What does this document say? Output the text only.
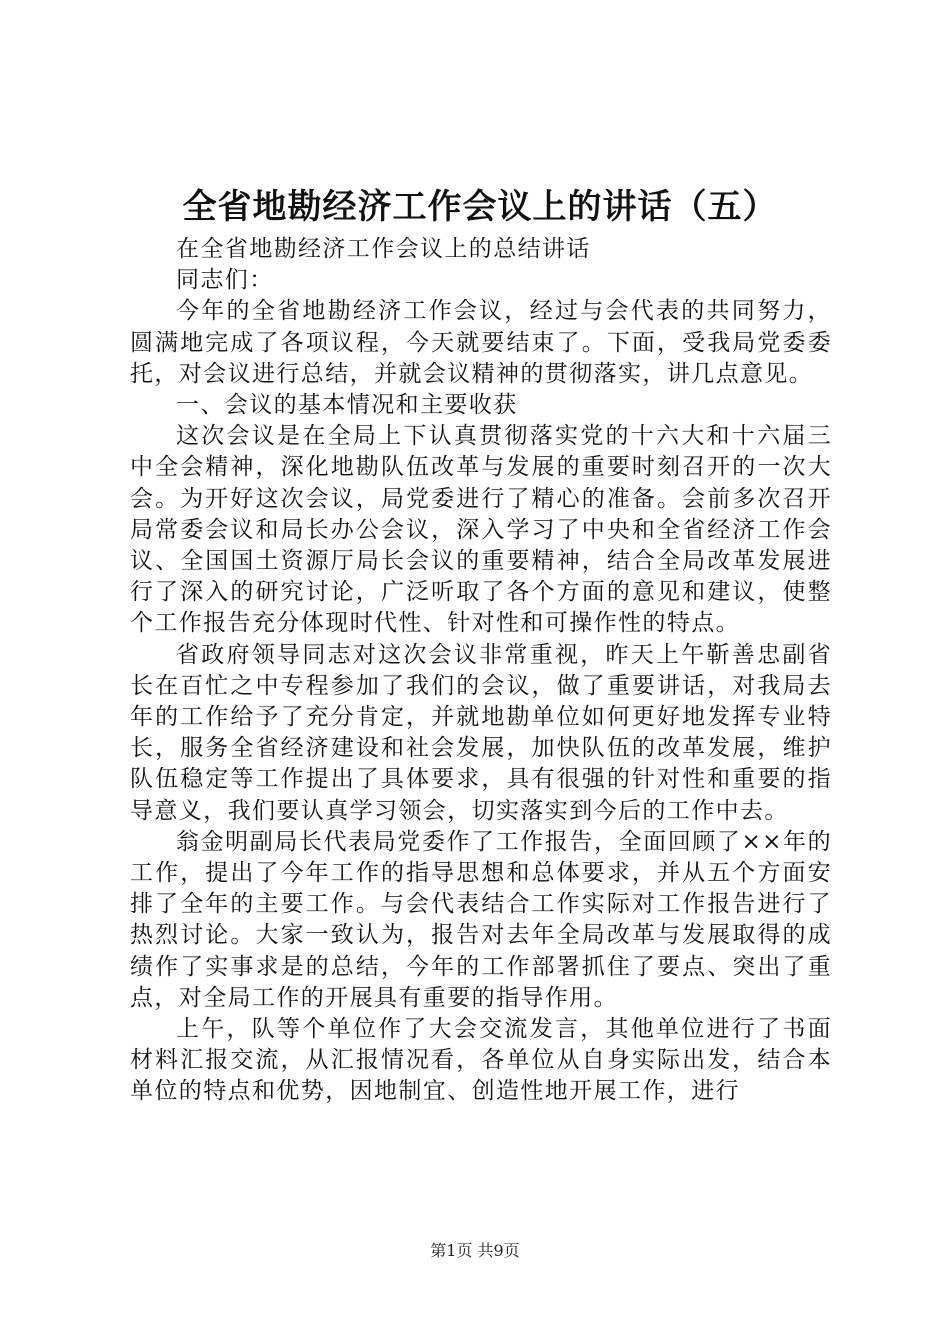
全省地勘经济工作会议上的讲话（五）

在全省地勘经济工作会议上的总结讲话

同志们：

今年的全省地勘经济工作会议，经过与会代表的共同努力，圆满地完成了各项议程，今天就要结束了。下面，受我局党委委托，对会议进行总结，并就会议精神的贯彻落实，讲几点意见。

一、会议的基本情况和主要收获

这次会议是在全局上下认真贯彻落实党的十六大和十六届三中全会精神，深化地勘队伍改革与发展的重要时刻召开的一次大会。为开好这次会议，局党委进行了精心的准备。会前多次召开局常委会议和局长办公会议，深入学习了中央和全省经济工作会议、全国国土资源厅局长会议的重要精神，结合全局改革发展进行了深入的研究讨论，广泛听取了各个方面的意见和建议，使整个工作报告充分体现时代性、针对性和可操作性的特点。

省政府领导同志对这次会议非常重视，昨天上午靳善忠副省长在百忙之中专程参加了我们的会议，做了重要讲话，对我局去年的工作给予了充分肯定，并就地勘单位如何更好地发挥专业特长，服务全省经济建设和社会发展，加快队伍的改革发展，维护队伍稳定等工作提出了具体要求，具有很强的针对性和重要的指导意义，我们要认真学习领会，切实落实到今后的工作中去。

翁金明副局长代表局党委作了工作报告，全面回顾了××年的工作，提出了今年工作的指导思想和总体要求，并从五个方面安排了全年的主要工作。与会代表结合工作实际对工作报告进行了热烈讨论。大家一致认为，报告对去年全局改革与发展取得的成绩作了实事求是的总结，今年的工作部署抓住了要点、突出了重点，对全局工作的开展具有重要的指导作用。

上午，队等个单位作了大会交流发言，其他单位进行了书面材料汇报交流，从汇报情况看，各单位从自身实际出发，结合本单位的特点和优势，因地制宜、创造性地开展工作，进行

第1页 共9页
